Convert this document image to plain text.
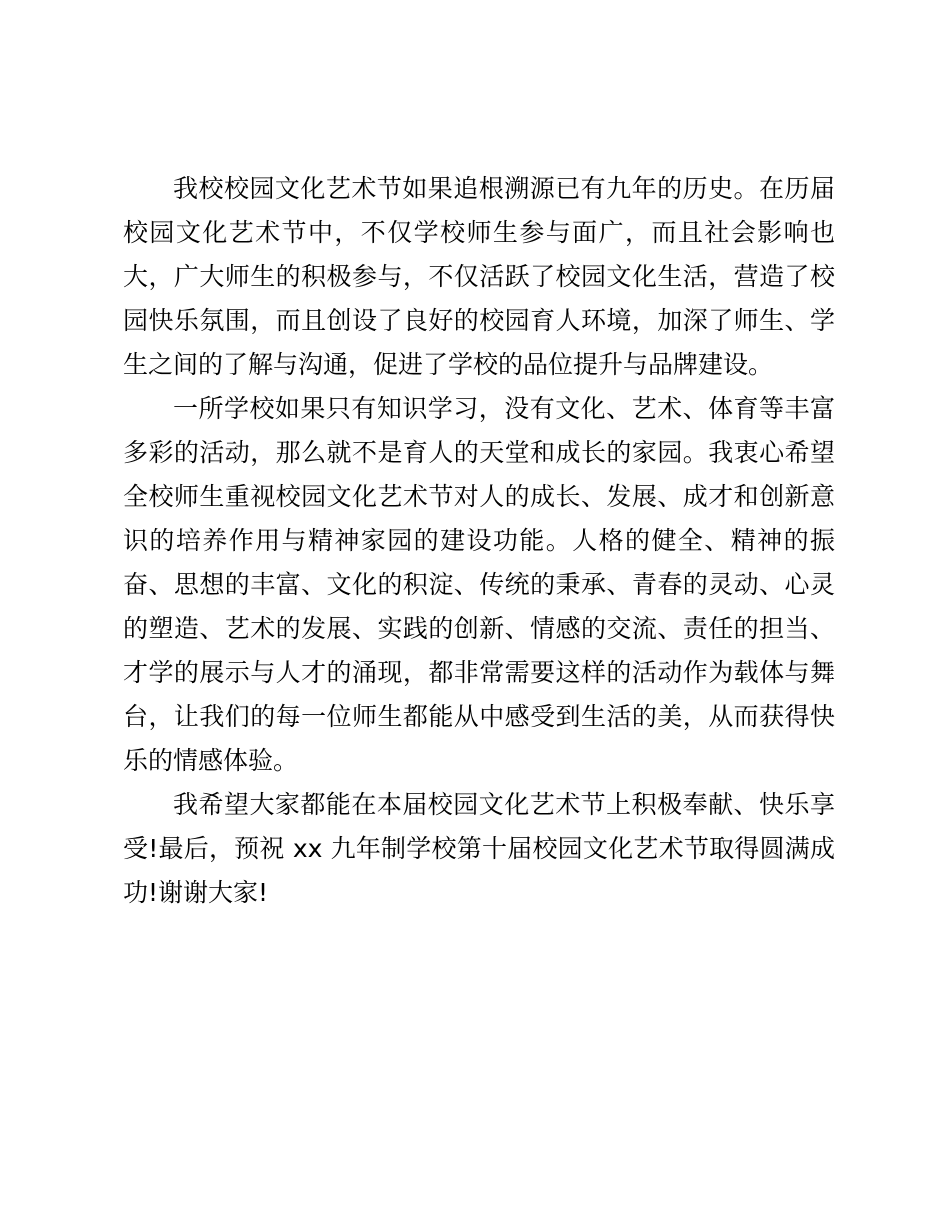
我校校园文化艺术节如果追根溯源已有九年的历史。在历届校园文化艺术节中，不仅学校师生参与面广，而且社会影响也大，广大师生的积极参与，不仅活跃了校园文化生活，营造了校园快乐氛围，而且创设了良好的校园育人环境，加深了师生、学生之间的了解与沟通，促进了学校的品位提升与品牌建设。

一所学校如果只有知识学习，没有文化、艺术、体育等丰富多彩的活动，那么就不是育人的天堂和成长的家园。我衷心希望全校师生重视校园文化艺术节对人的成长、发展、成才和创新意识的培养作用与精神家园的建设功能。人格的健全、精神的振奋、思想的丰富、文化的积淀、传统的秉承、青春的灵动、心灵的塑造、艺术的发展、实践的创新、情感的交流、责任的担当、才学的展示与人才的涌现，都非常需要这样的活动作为载体与舞台，让我们的每一位师生都能从中感受到生活的美，从而获得快乐的情感体验。

我希望大家都能在本届校园文化艺术节上积极奉献、快乐享受!最后，预祝 xx 九年制学校第十届校园文化艺术节取得圆满成功!谢谢大家!
